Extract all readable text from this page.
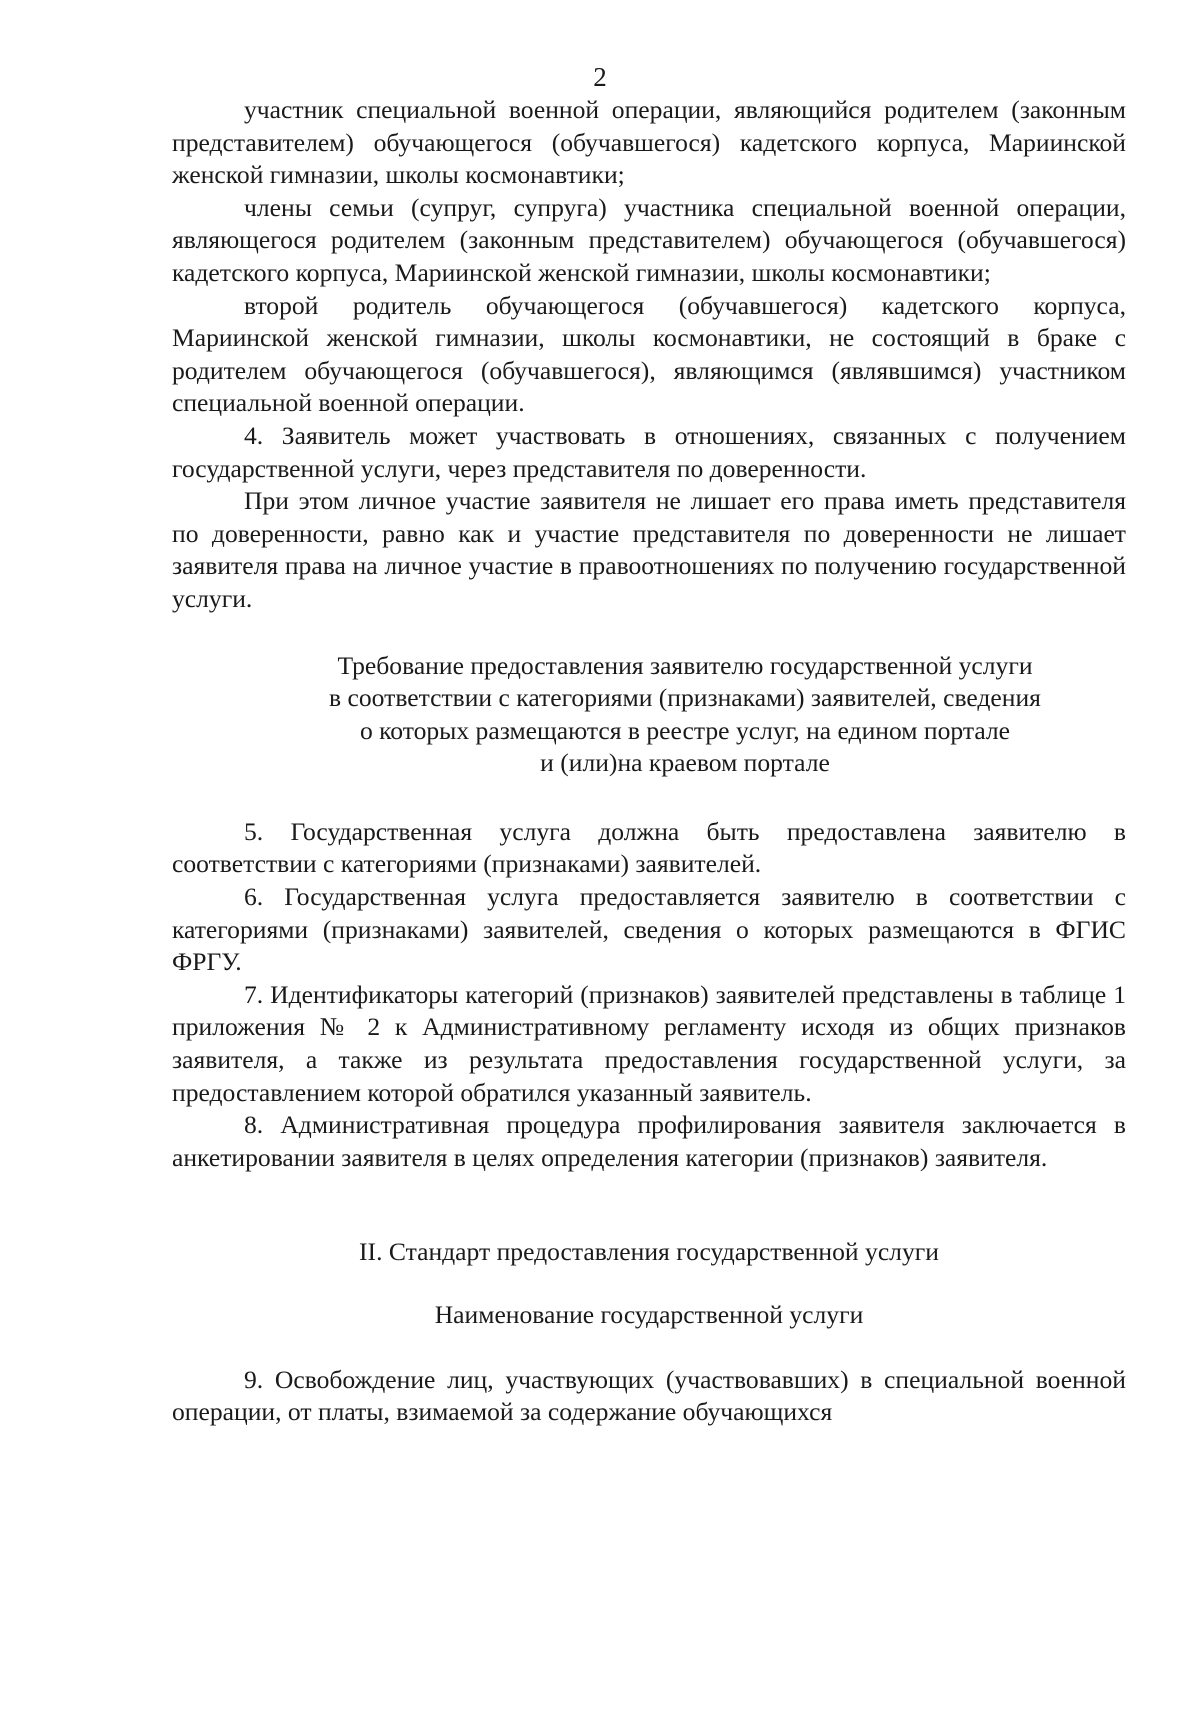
2

участник специальной военной операции, являющийся родителем (законным представителем) обучающегося (обучавшегося) кадетского корпуса, Мариинской женской гимназии, школы космонавтики;

члены семьи (супруг, супруга) участника специальной военной операции, являющегося родителем (законным представителем) обучающегося (обучавшегося) кадетского корпуса, Мариинской женской гимназии, школы космонавтики;

второй родитель обучающегося (обучавшегося) кадетского корпуса, Мариинской женской гимназии, школы космонавтики, не состоящий в браке с родителем обучающегося (обучавшегося), являющимся (являвшимся) участником специальной военной операции.

4. Заявитель может участвовать в отношениях, связанных с получением государственной услуги, через представителя по доверенности.

При этом личное участие заявителя не лишает его права иметь представителя по доверенности, равно как и участие представителя по доверенности не лишает заявителя права на личное участие в правоотношениях по получению государственной услуги.

Требование предоставления заявителю государственной услуги

в соответствии с категориями (признаками) заявителей, сведения

о которых размещаются в реестре услуг, на едином портале

и (или)на краевом портале

5. Государственная услуга должна быть предоставлена заявителю в соответствии с категориями (признаками) заявителей.

6. Государственная услуга предоставляется заявителю в соответствии с категориями (признаками) заявителей, сведения о которых размещаются в ФГИС ФРГУ.

7. Идентификаторы категорий (признаков) заявителей представлены в таблице 1 приложения № 2 к Административному регламенту исходя из общих признаков заявителя, а также из результата предоставления государственной услуги, за предоставлением которой обратился указанный заявитель.

8. Административная процедура профилирования заявителя заключается в анкетировании заявителя в целях определения категории (признаков) заявителя.

II. Стандарт предоставления государственной услуги

Наименование государственной услуги

9. Освобождение лиц, участвующих (участвовавших) в специальной военной операции, от платы, взимаемой за содержание обучающихся
